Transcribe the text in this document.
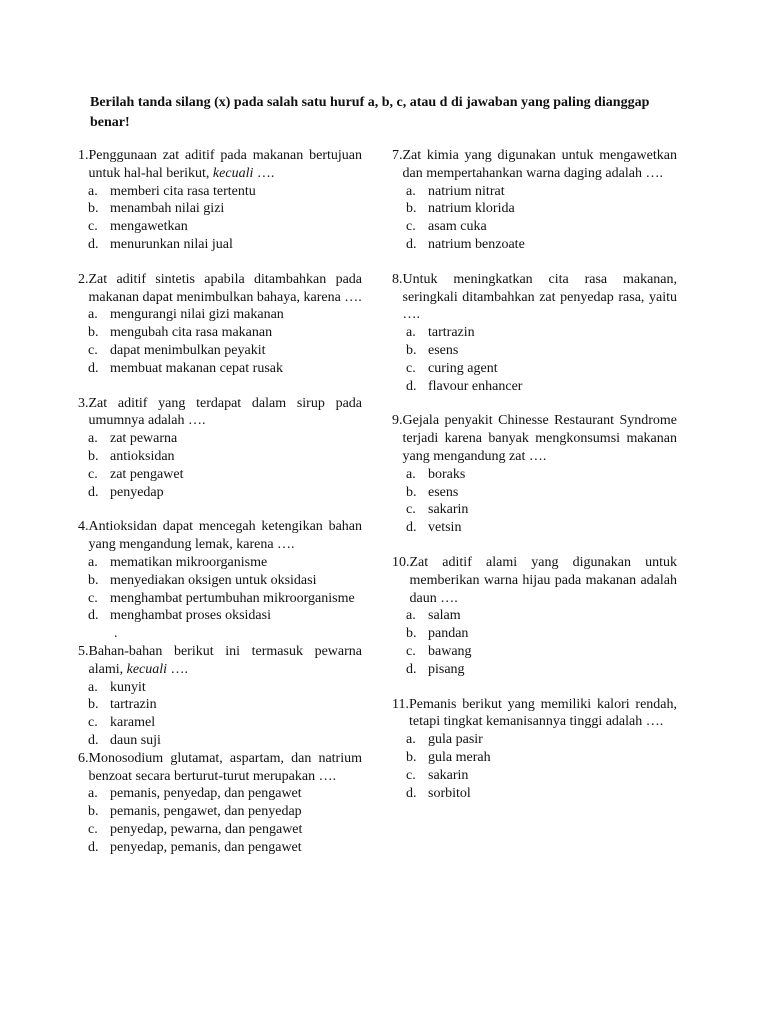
Berilah tanda silang (x) pada salah satu huruf a, b, c, atau d di jawaban yang paling dianggap benar!
1. Penggunaan zat aditif pada makanan bertujuan untuk hal-hal berikut, kecuali ….
a. memberi cita rasa tertentu
b. menambah nilai gizi
c. mengawetkan
d. menurunkan nilai jual
2. Zat aditif sintetis apabila ditambahkan pada makanan dapat menimbulkan bahaya, karena ….
a. mengurangi nilai gizi makanan
b. mengubah cita rasa makanan
c. dapat menimbulkan peyakit
d. membuat makanan cepat rusak
3. Zat aditif yang terdapat dalam sirup pada umumnya adalah ….
a. zat pewarna
b. antioksidan
c. zat pengawet
d. penyedap
4. Antioksidan dapat mencegah ketengikan bahan yang mengandung lemak, karena ….
a. mematikan mikroorganisme
b. menyediakan oksigen untuk oksidasi
c. menghambat pertumbuhan mikroorganisme
d. menghambat proses oksidasi
.
5. Bahan-bahan berikut ini termasuk pewarna alami, kecuali ….
a. kunyit
b. tartrazin
c. karamel
d. daun suji
6. Monosodium glutamat, aspartam, dan natrium benzoat secara berturut-turut merupakan ….
a. pemanis, penyedap, dan pengawet
b. pemanis, pengawet, dan penyedap
c. penyedap, pewarna, dan pengawet
d. penyedap, pemanis, dan pengawet
7. Zat kimia yang digunakan untuk mengawetkan dan mempertahankan warna daging adalah ….
a. natrium nitrat
b. natrium klorida
c. asam cuka
d. natrium benzoate
8. Untuk meningkatkan cita rasa makanan, seringkali ditambahkan zat penyedap rasa, yaitu ….
a. tartrazin
b. esens
c. curing agent
d. flavour enhancer
9. Gejala penyakit Chinesse Restaurant Syndrome terjadi karena banyak mengkonsumsi makanan yang mengandung zat ….
a. boraks
b. esens
c. sakarin
d. vetsin
10. Zat aditif alami yang digunakan untuk memberikan warna hijau pada makanan adalah daun ….
a. salam
b. pandan
c. bawang
d. pisang
11. Pemanis berikut yang memiliki kalori rendah, tetapi tingkat kemanisannya tinggi adalah ….
a. gula pasir
b. gula merah
c. sakarin
d. sorbitol
